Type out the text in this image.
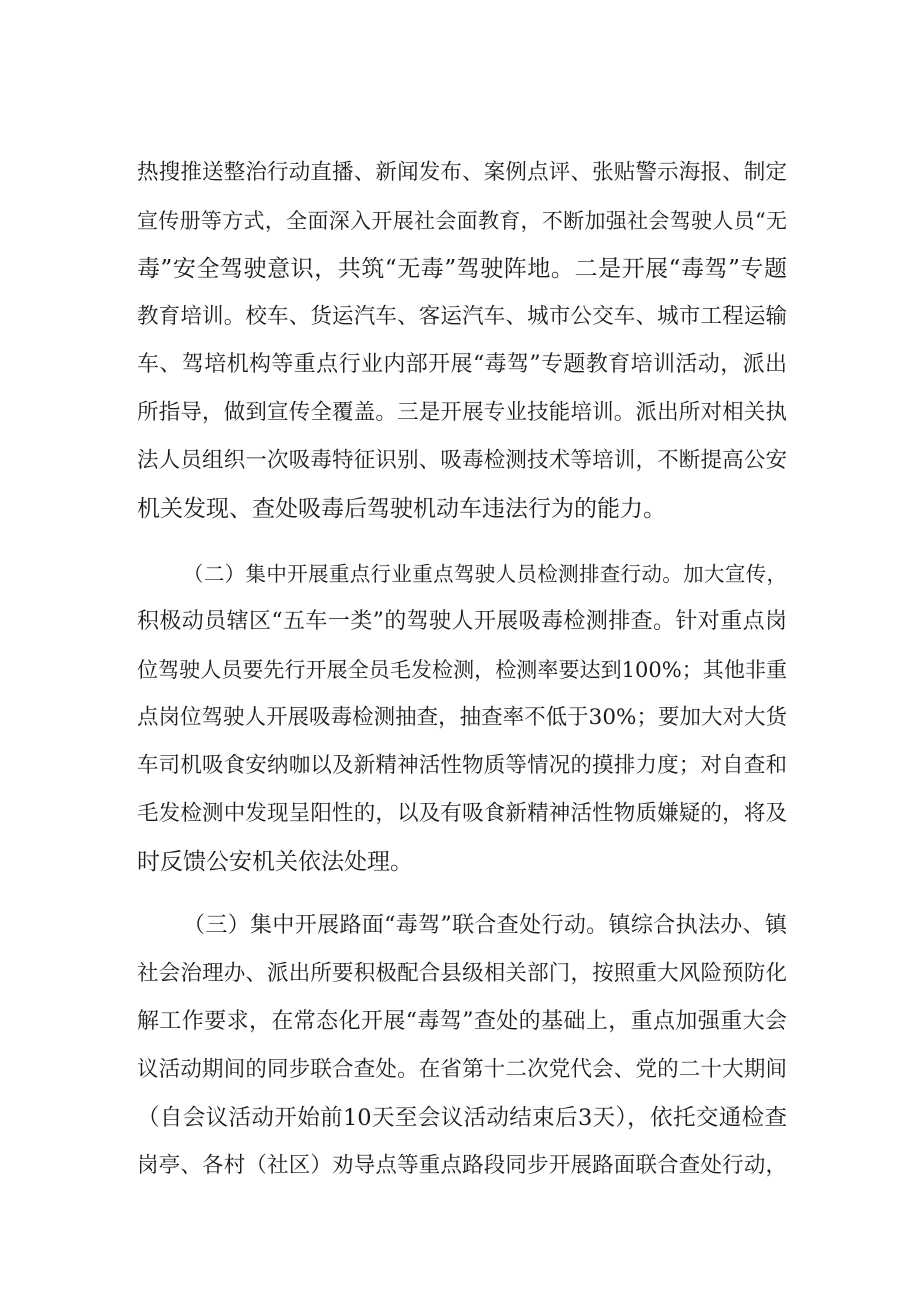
热搜推送整治行动直播、新闻发布、案例点评、张贴警示海报、制定
宣传册等方式，全面深入开展社会面教育，不断加强社会驾驶人员“无
毒”安全驾驶意识，共筑“无毒”驾驶阵地。二是开展“毒驾”专题
教育培训。校车、货运汽车、客运汽车、城市公交车、城市工程运输
车、驾培机构等重点行业内部开展“毒驾”专题教育培训活动，派出
所指导，做到宣传全覆盖。三是开展专业技能培训。派出所对相关执
法人员组织一次吸毒特征识别、吸毒检测技术等培训，不断提高公安
机关发现、查处吸毒后驾驶机动车违法行为的能力。
（二）集中开展重点行业重点驾驶人员检测排查行动。加大宣传，
积极动员辖区“五车一类”的驾驶人开展吸毒检测排查。针对重点岗
位驾驶人员要先行开展全员毛发检测，检测率要达到100%；其他非重
点岗位驾驶人开展吸毒检测抽查，抽查率不低于30%；要加大对大货
车司机吸食安纳咖以及新精神活性物质等情况的摸排力度；对自查和
毛发检测中发现呈阳性的，以及有吸食新精神活性物质嫌疑的，将及
时反馈公安机关依法处理。
（三）集中开展路面“毒驾”联合查处行动。镇综合执法办、镇
社会治理办、派出所要积极配合县级相关部门，按照重大风险预防化
解工作要求，在常态化开展“毒驾”查处的基础上，重点加强重大会
议活动期间的同步联合查处。在省第十二次党代会、党的二十大期间
（自会议活动开始前10天至会议活动结束后3天），依托交通检查
岗亭、各村（社区）劝导点等重点路段同步开展路面联合查处行动，
